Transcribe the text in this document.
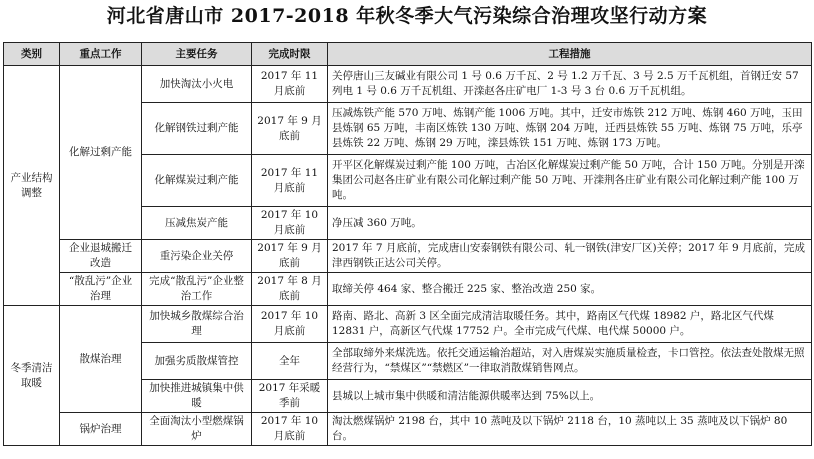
河北省唐山市 2017-2018 年秋冬季大气污染综合治理攻坚行动方案
类别	重点工作	主要任务	完成时限	工程措施
产业结构调整	化解过剩产能	加快淘汰小火电	2017 年 11 月底前	关停唐山三友碱业有限公司 1 号 0.6 万千瓦、2 号 1.2 万千瓦、3 号 2.5 万千瓦机组，首钢迁安 57 列电 1 号 0.6 万千瓦机组、开滦赵各庄矿电厂 1-3 号 3 台 0.6 万千瓦机组。
		化解钢铁过剩产能	2017 年 9 月底前	压减炼铁产能 570 万吨、炼钢产能 1006 万吨。其中，迁安市炼铁 212 万吨、炼钢 460 万吨，玉田县炼钢 65 万吨，丰南区炼铁 130 万吨、炼钢 204 万吨，迁西县炼铁 55 万吨、炼钢 75 万吨，乐亭县炼铁 22 万吨、炼钢 29 万吨，滦县炼铁 151 万吨、炼钢 173 万吨。
		化解煤炭过剩产能	2017 年 11 月底前	开平区化解煤炭过剩产能 100 万吨，古冶区化解煤炭过剩产能 50 万吨，合计 150 万吨。分别是开滦集团公司赵各庄矿业有限公司化解过剩产能 50 万吨、开滦荆各庄矿业有限公司化解过剩产能 100 万吨。
		压减焦炭产能	2017 年 10 月底前	净压减 360 万吨。
	企业退城搬迁改造	重污染企业关停	2017 年 9 月底前	2017 年 7 月底前，完成唐山安泰钢铁有限公司、轧一钢铁(津安厂区)关停；2017 年 9 月底前，完成津西钢铁正达公司关停。
	“散乱污”企业治理	完成“散乱污”企业整治工作	2017 年 8 月底前	取缔关停 464 家、整合搬迁 225 家、整治改造 250 家。
冬季清洁取暖	散煤治理	加快城乡散煤综合治理	2017 年 10 月底前	路南、路北、高新 3 区全面完成清洁取暖任务。其中，路南区气代煤 18982 户，路北区气代煤 12831 户，高新区气代煤 17752 户。全市完成气代煤、电代煤 50000 户。
		加强劣质散煤管控	全年	全部取缔外来煤洗选。依托交通运输治超站，对入唐煤炭实施质量检查，卡口管控。依法查处散煤无照经营行为，“禁煤区”“禁燃区”一律取消散煤销售网点。
		加快推进城镇集中供暖	2017 年采暖季前	县城以上城市集中供暖和清洁能源供暖率达到 75%以上。
	锅炉治理	全面淘汰小型燃煤锅炉	2017 年 10 月底前	淘汰燃煤锅炉 2198 台，其中 10 蒸吨及以下锅炉 2118 台，10 蒸吨以上 35 蒸吨及以下锅炉 80 台。
